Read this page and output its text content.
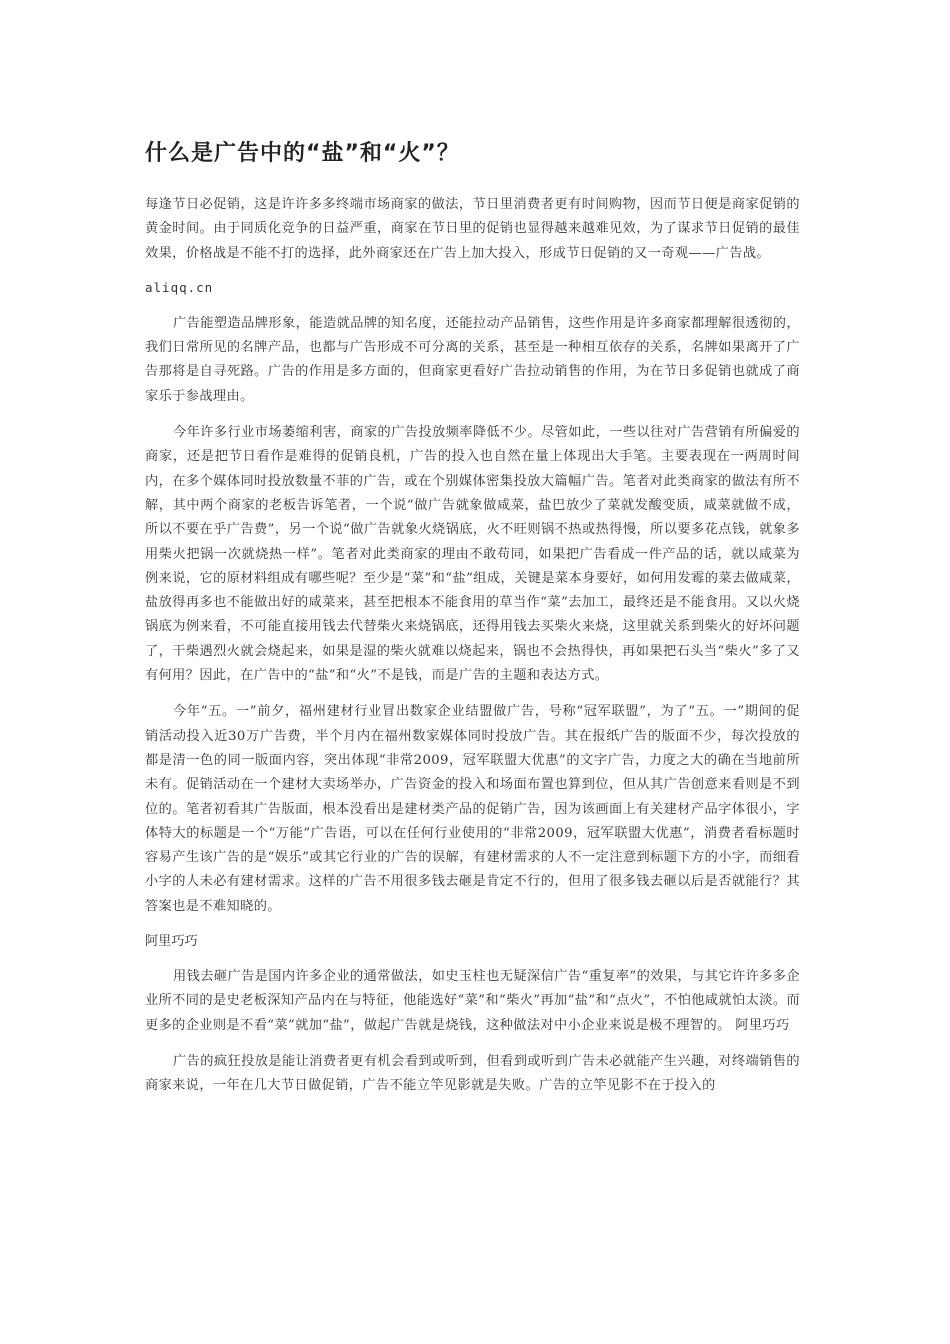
什么是广告中的“盐”和“火”？

每逢节日必促销，这是许许多多终端市场商家的做法，节日里消费者更有时间购物，因而节日便是商家促销的黄金时间。由于同质化竞争的日益严重，商家在节日里的促销也显得越来越难见效，为了谋求节日促销的最佳效果，价格战是不能不打的选择，此外商家还在广告上加大投入，形成节日促销的又一奇观——广告战。

aliqq.cn

广告能塑造品牌形象，能造就品牌的知名度，还能拉动产品销售，这些作用是许多商家都理解很透彻的，我们日常所见的名牌产品，也都与广告形成不可分离的关系，甚至是一种相互依存的关系，名牌如果离开了广告那将是自寻死路。广告的作用是多方面的，但商家更看好广告拉动销售的作用，为在节日多促销也就成了商家乐于参战理由。

今年许多行业市场萎缩利害，商家的广告投放频率降低不少。尽管如此，一些以往对广告营销有所偏爱的商家，还是把节日看作是难得的促销良机，广告的投入也自然在量上体现出大手笔。主要表现在一两周时间内，在多个媒体同时投放数量不菲的广告，或在个别媒体密集投放大篇幅广告。笔者对此类商家的做法有所不解，其中两个商家的老板告诉笔者，一个说“做广告就象做咸菜，盐巴放少了菜就发酸变质，咸菜就做不成，所以不要在乎广告费”，另一个说“做广告就象火烧锅底，火不旺则锅不热或热得慢，所以要多花点钱，就象多用柴火把锅一次就烧热一样”。笔者对此类商家的理由不敢苟同，如果把广告看成一件产品的话，就以咸菜为例来说，它的原材料组成有哪些呢？至少是“菜”和“盐”组成，关键是菜本身要好，如何用发霉的菜去做咸菜，盐放得再多也不能做出好的咸菜来，甚至把根本不能食用的草当作“菜”去加工，最终还是不能食用。又以火烧锅底为例来看，不可能直接用钱去代替柴火来烧锅底，还得用钱去买柴火来烧，这里就关系到柴火的好坏问题了，干柴遇烈火就会烧起来，如果是湿的柴火就难以烧起来，锅也不会热得快，再如果把石头当“柴火”多了又有何用？因此，在广告中的“盐”和“火”不是钱，而是广告的主题和表达方式。

今年“五。一”前夕，福州建材行业冒出数家企业结盟做广告，号称“冠军联盟”，为了“五。一”期间的促销活动投入近30万广告费，半个月内在福州数家媒体同时投放广告。其在报纸广告的版面不少，每次投放的都是清一色的同一版面内容，突出体现“非常2009，冠军联盟大优惠”的文字广告，力度之大的确在当地前所未有。促销活动在一个建材大卖场举办，广告资金的投入和场面布置也算到位，但从其广告创意来看则是不到位的。笔者初看其广告版面，根本没看出是建材类产品的促销广告，因为该画面上有关建材产品字体很小，字体特大的标题是一个“万能”广告语，可以在任何行业使用的“非常2009，冠军联盟大优惠”，消费者看标题时容易产生该广告的是“娱乐”或其它行业的广告的误解，有建材需求的人不一定注意到标题下方的小字，而细看小字的人未必有建材需求。这样的广告不用很多钱去砸是肯定不行的，但用了很多钱去砸以后是否就能行？其答案也是不难知晓的。

阿里巧巧

用钱去砸广告是国内许多企业的通常做法，如史玉柱也无疑深信广告“重复率”的效果，与其它许许多多企业所不同的是史老板深知产品内在与特征，他能选好“菜”和“柴火”再加“盐”和“点火”，不怕他咸就怕太淡。而更多的企业则是不看“菜”就加“盐”，做起广告就是烧钱，这种做法对中小企业来说是极不理智的。 阿里巧巧

广告的疯狂投放是能让消费者更有机会看到或听到，但看到或听到广告未必就能产生兴趣，对终端销售的商家来说，一年在几大节日做促销，广告不能立竿见影就是失败。广告的立竿见影不在于投入的
